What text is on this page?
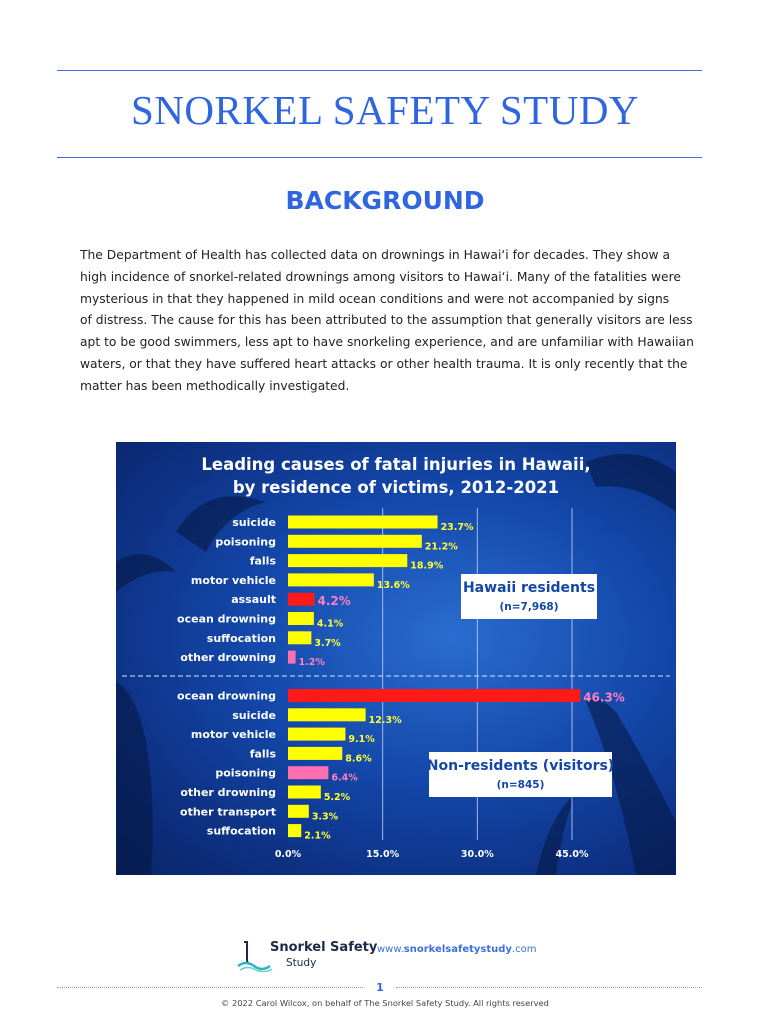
SNORKEL SAFETY STUDY
BACKGROUND
The Department of Health has collected data on drownings in Hawai‘i for decades. They show a
high incidence of snorkel-related drownings among visitors to Hawai‘i. Many of the fatalities were
mysterious in that they happened in mild ocean conditions and were not accompanied by signs
of distress. The cause for this has been attributed to the assumption that generally visitors are less
apt to be good swimmers, less apt to have snorkeling experience, and are unfamiliar with Hawaiian
waters, or that they have suffered heart attacks or other health trauma. It is only recently that the
matter has been methodically investigated.
Leading causes of fatal injuries in Hawaii,
by residence of victims, 2012-2021
0.0%	15.0%	30.0%	45.0%
suicide	23.7%
poisoning	21.2%
falls	18.9%
motor vehicle	13.6%
assault	4.2%
ocean drowning	4.1%
suffocation	3.7%
other drowning 1.2%
ocean drowning	46.3%
suicide	12.3%
motor vehicle	9.1%
falls	8.6%
poisoning	6.4%
other drowning	5.2%
other transport	3.3%
suffocation	2.1%
Hawaii residents
(n=7,968)
Non-residents (visitors)
(n=845)
Snorkel Safety
Study
www.snorkelsafetystudy.com
1
© 2022 Carol Wilcox, on behalf of The Snorkel Safety Study. All rights reserved
